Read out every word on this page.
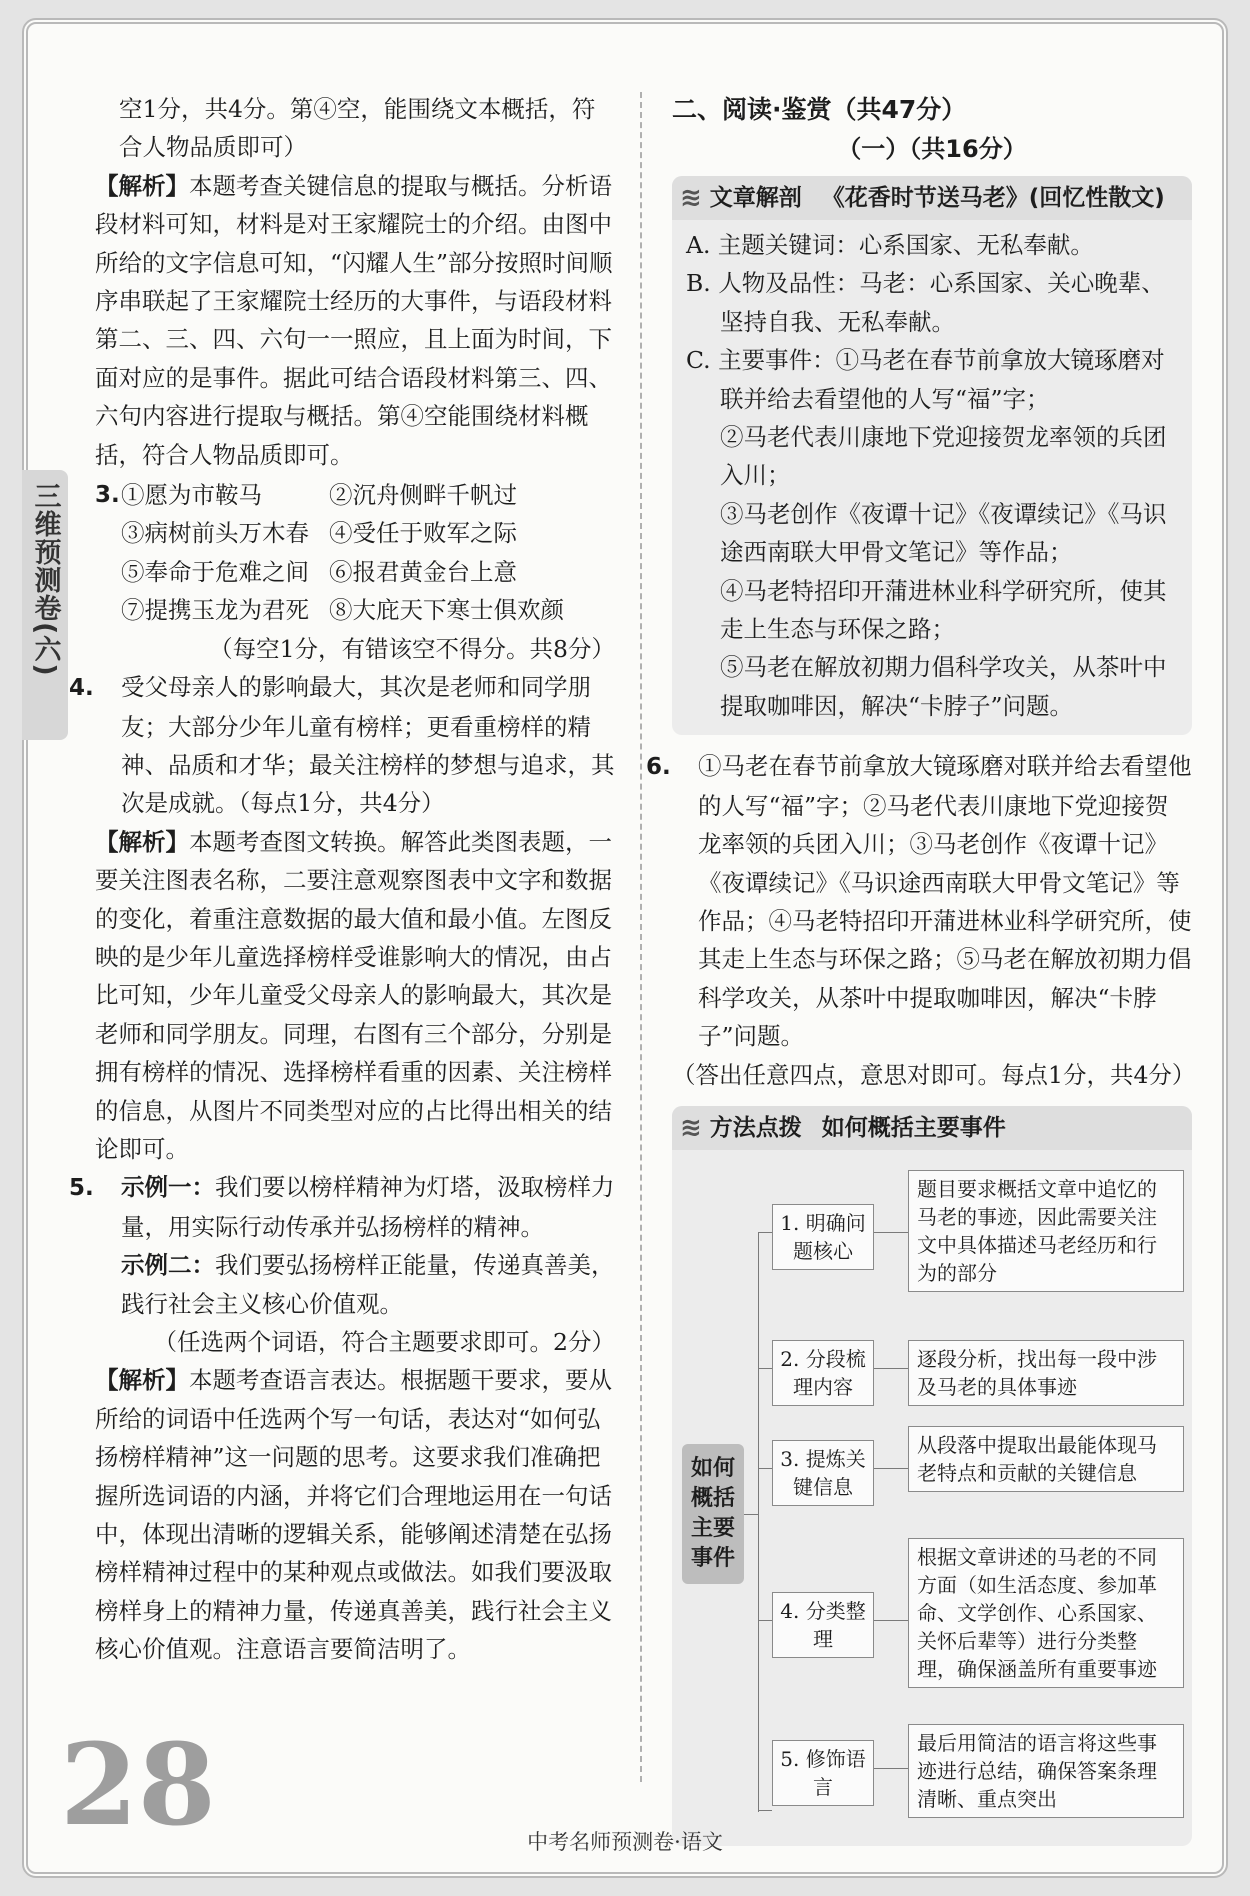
三维预测卷(六)

空1分，共4分。第④空，能围绕文本概括，符

合人物品质即可）

【解析】本题考查关键信息的提取与概括。分析语段材料可知，材料是对王家耀院士的介绍。由图中所给的文字信息可知，“闪耀人生”部分按照时间顺序串联起了王家耀院士经历的大事件，与语段材料第二、三、四、六句一一照应，且上面为时间，下面对应的是事件。据此可结合语段材料第三、四、六句内容进行提取与概括。第④空能围绕材料概括，符合人物品质即可。

3. ①愿为市鞍马	②沉舟侧畔千帆过
③病树前头万木春 ④受任于败军之际
⑤奉命于危难之间 ⑥报君黄金台上意
⑦提携玉龙为君死 ⑧大庇天下寒士俱欢颜

（每空1分，有错该空不得分。共8分）

4. 受父母亲人的影响最大，其次是老师和同学朋友；大部分少年儿童有榜样；更看重榜样的精神、品质和才华；最关注榜样的梦想与追求，其次是成就。（每点1分，共4分）

【解析】本题考查图文转换。解答此类图表题，一要关注图表名称，二要注意观察图表中文字和数据的变化，着重注意数据的最大值和最小值。左图反映的是少年儿童选择榜样受谁影响大的情况，由占比可知，少年儿童受父母亲人的影响最大，其次是老师和同学朋友。同理，右图有三个部分，分别是拥有榜样的情况、选择榜样看重的因素、关注榜样的信息，从图片不同类型对应的占比得出相关的结论即可。

5. 示例一：我们要以榜样精神为灯塔，汲取榜样力量，用实际行动传承并弘扬榜样的精神。

示例二：我们要弘扬榜样正能量，传递真善美，践行社会主义核心价值观。

（任选两个词语，符合主题要求即可。2分）

【解析】本题考查语言表达。根据题干要求，要从所给的词语中任选两个写一句话，表达对“如何弘扬榜样精神”这一问题的思考。这要求我们准确把握所选词语的内涵，并将它们合理地运用在一句话中，体现出清晰的逻辑关系，能够阐述清楚在弘扬榜样精神过程中的某种观点或做法。如我们要汲取榜样身上的精神力量，传递真善美，践行社会主义核心价值观。注意语言要简洁明了。

二、阅读·鉴赏（共47分）

（一）（共16分）

≋ 文章解剖 《花香时节送马老》(回忆性散文)

A. 主题关键词：心系国家、无私奉献。

B. 人物及品性：马老：心系国家、关心晚辈、坚持自我、无私奉献。

C. 主要事件：①马老在春节前拿放大镜琢磨对联并给去看望他的人写“福”字；

②马老代表川康地下党迎接贺龙率领的兵团入川；

③马老创作《夜谭十记》《夜谭续记》《马识途西南联大甲骨文笔记》等作品；

④马老特招印开蒲进林业科学研究所，使其走上生态与环保之路；

⑤马老在解放初期力倡科学攻关，从茶叶中提取咖啡因，解决“卡脖子”问题。

6. ①马老在春节前拿放大镜琢磨对联并给去看望他的人写“福”字；②马老代表川康地下党迎接贺龙率领的兵团入川；③马老创作《夜谭十记》《夜谭续记》《马识途西南联大甲骨文笔记》等作品；④马老特招印开蒲进林业科学研究所，使其走上生态与环保之路；⑤马老在解放初期力倡科学攻关，从茶叶中提取咖啡因，解决“卡脖子”问题。

（答出任意四点，意思对即可。每点1分，共4分）

≋ 方法点拨 如何概括主要事件
如何概括主要事件
1. 明确问题核心
题目要求概括文章中追忆的马老的事迹，因此需要关注文中具体描述马老经历和行为的部分
2. 分段梳理内容
逐段分析，找出每一段中涉及马老的具体事迹
3. 提炼关键信息
从段落中提取出最能体现马老特点和贡献的关键信息
4. 分类整理
根据文章讲述的马老的不同方面（如生活态度、参加革命、文学创作、心系国家、关怀后辈等）进行分类整理，确保涵盖所有重要事迹
5. 修饰语言
最后用简洁的语言将这些事迹进行总结，确保答案条理清晰、重点突出
28	中考名师预测卷·语文
